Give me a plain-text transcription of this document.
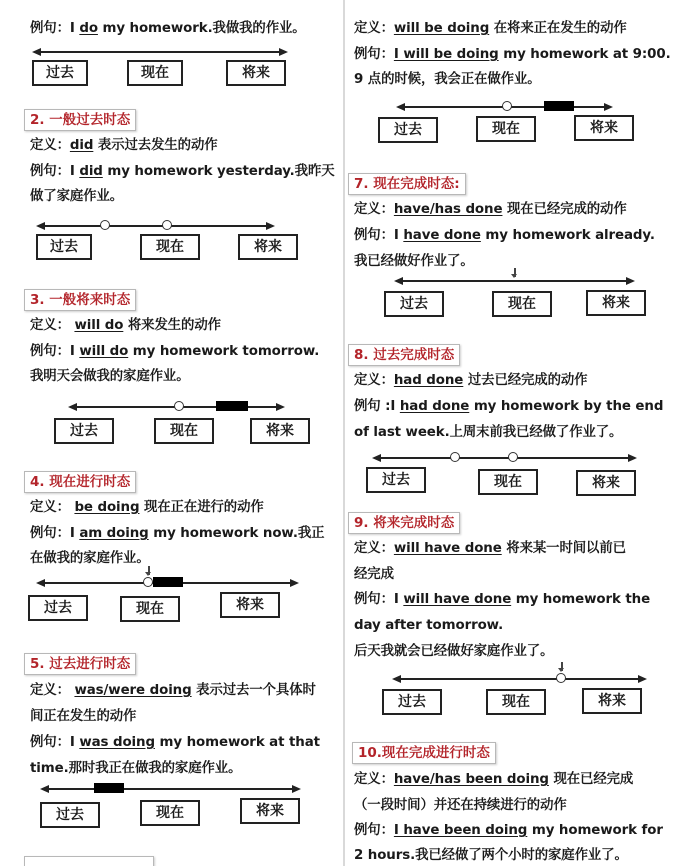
例句：I do my homework.我做我的作业。
过去	现在	将来
2. 一般过去时态
定义：did 表示过去发生的动作
例句：I did my homework yesterday.我昨天
做了家庭作业。
过去	现在	将来
3. 一般将来时态
定义： will do 将来发生的动作
例句：I will do my homework tomorrow.
我明天会做我的家庭作业。
过去	现在	将来
4. 现在进行时态
定义： be doing 现在正在进行的动作
例句：I am doing my homework now.我正
在做我的家庭作业。
过去	现在	将来
5. 过去进行时态
定义： was/were doing 表示过去一个具体时
间正在发生的动作
例句：I was doing my homework at that
time.那时我正在做我的家庭作业。
过去	现在	将来
定义：will be doing 在将来正在发生的动作
例句：I will be doing my homework at 9:00.
9 点的时候，我会正在做作业。
过去	现在	将来
7. 现在完成时态:
定义：have/has done 现在已经完成的动作
例句：I have done my homework already.
我已经做好作业了。
过去	现在	将来
8. 过去完成时态
定义：had done 过去已经完成的动作
例句 :I had done my homework by the end
of last week.上周末前我已经做了作业了。
过去	现在	将来
9. 将来完成时态
定义：will have done 将来某一时间以前已
经完成
例句：I will have done my homework the
day after tomorrow.
后天我就会已经做好家庭作业了。
过去	现在	将来
10.现在完成进行时态
定义：have/has been doing 现在已经完成
（一段时间）并还在持续进行的动作
例句：I have been doing my homework for
2 hours.我已经做了两个小时的家庭作业了。
